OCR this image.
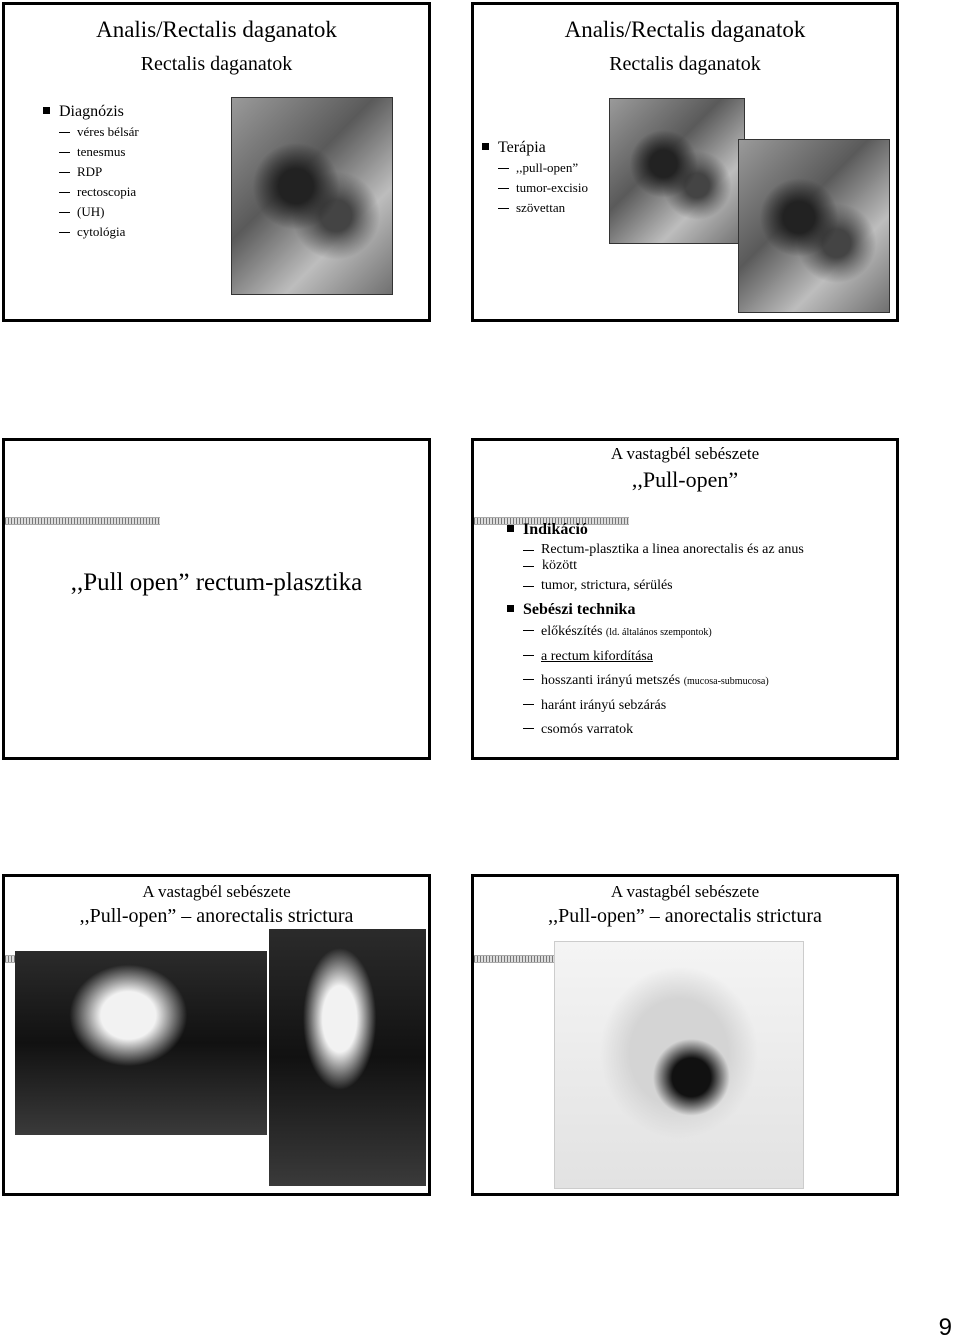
Analis/Rectalis daganatok
Rectalis daganatok
Diagnózis
véres bélsár
tenesmus
RDP
rectoscopia
(UH)
cytológia
Analis/Rectalis daganatok
Rectalis daganatok
Terápia
,,pull-open”
tumor-excisio
szövettan
,,Pull open” rectum-plasztika
A vastagbél sebészete
,,Pull-open”
Indikáció
Rectum-plasztika a linea anorectalis és az anus
között
tumor, strictura, sérülés
Sebészi technika
előkészítés (ld. általános szempontok)
a rectum kifordítása
hosszanti irányú metszés (mucosa-submucosa)
haránt irányú sebzárás
csomós varratok
A vastagbél sebészete
,,Pull-open” – anorectalis strictura
A vastagbél sebészete
,,Pull-open” – anorectalis strictura
9
